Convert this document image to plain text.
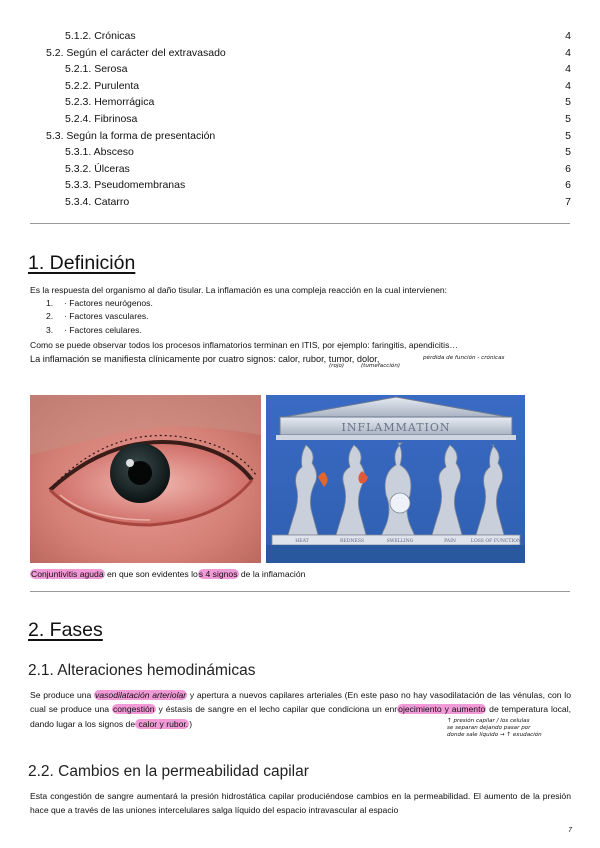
5.1.2. Crónicas	4
5.2. Según el carácter del extravasado	4
5.2.1. Serosa	4
5.2.2. Purulenta	4
5.2.3. Hemorrágica	5
5.2.4. Fibrinosa	5
5.3. Según la forma de presentación	5
5.3.1. Absceso	5
5.3.2. Úlceras	6
5.3.3. Pseudomembranas	6
5.3.4. Catarro	7
1. Definición
Es la respuesta del organismo al daño tisular. La inflamación es una compleja reacción en la cual intervienen:
1. · Factores neurógenos.
2. · Factores vasculares.
3. · Factores celulares.
Como se puede observar todos los procesos inflamatorios terminan en ITIS, por ejemplo: faringitis, apendicitis…
La inflamación se manifiesta clínicamente por cuatro signos: calor, rubor, tumor, dolor,	pérdida de función - crónicas
(rojo)	(tumefacción)
INFLAMMATION
HEAT	REDNESS	SWELLING	PAIN	LOSS OF FUNCTION
Conjuntivitis aguda en que son evidentes los 4 signos de la inflamación
2. Fases
2.1. Alteraciones hemodinámicas
Se produce una vasodilatación arteriolar y apertura a nuevos capilares arteriales (En este paso no hay vasodilatación de las vénulas, con lo cual se produce una congestión y éstasis de sangre en el lecho capilar que condiciona un enrojecimiento y aumento de temperatura local, dando lugar a los signos de calor y rubor.)	↑ presión capilar / los celulas
se separan dejando pasar por
donde sale líquido → ↑ exudación
2.2. Cambios en la permeabilidad capilar
Esta congestión de sangre aumentará la presión hidrostática capilar produciéndose cambios en la permeabilidad. El aumento de la presión hace que a través de las uniones intercelulares salga líquido del espacio intravascular al espacio
7
